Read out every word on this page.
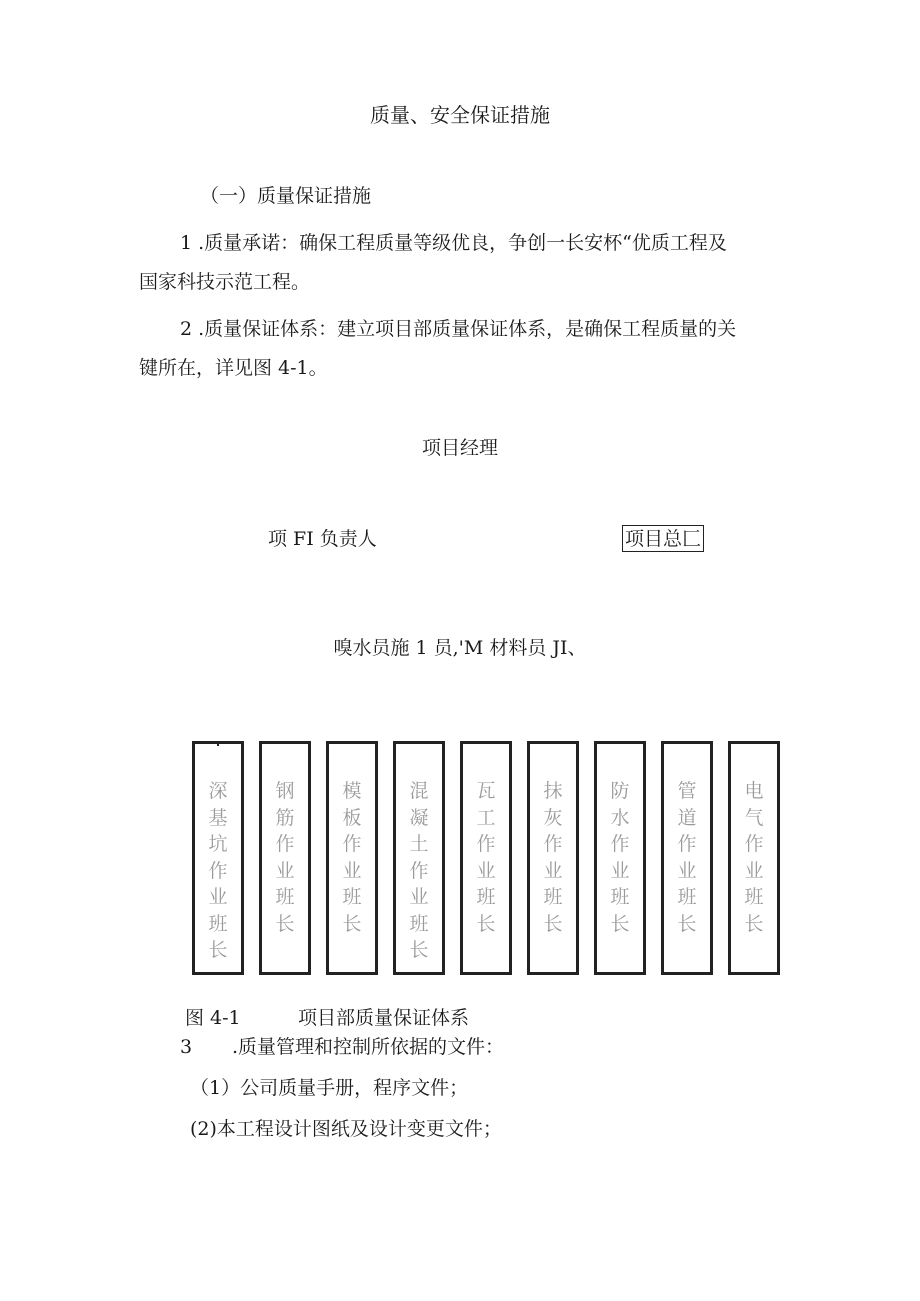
质量、安全保证措施
（一）质量保证措施
1 .质量承诺：确保工程质量等级优良，争创一长安杯“优质工程及
国家科技示范工程。
2 .质量保证体系：建立项目部质量保证体系，是确保工程质量的关
键所在，详见图 4-1。
项目经理
项 FI 负责人	项目总匚
嗅水员施 1 员,'M 材料员 JI、
深基坑作业班长
钢筋作业班长
模板作业班长
混凝土作业班长
瓦工作业班长
抹灰作业班长
防水作业班长
管道作业班长
电气作业班长
图 4-1	项目部质量保证体系
3 .质量管理和控制所依据的文件：
（1）公司质量手册，程序文件；
(2)本工程设计图纸及设计变更文件；
